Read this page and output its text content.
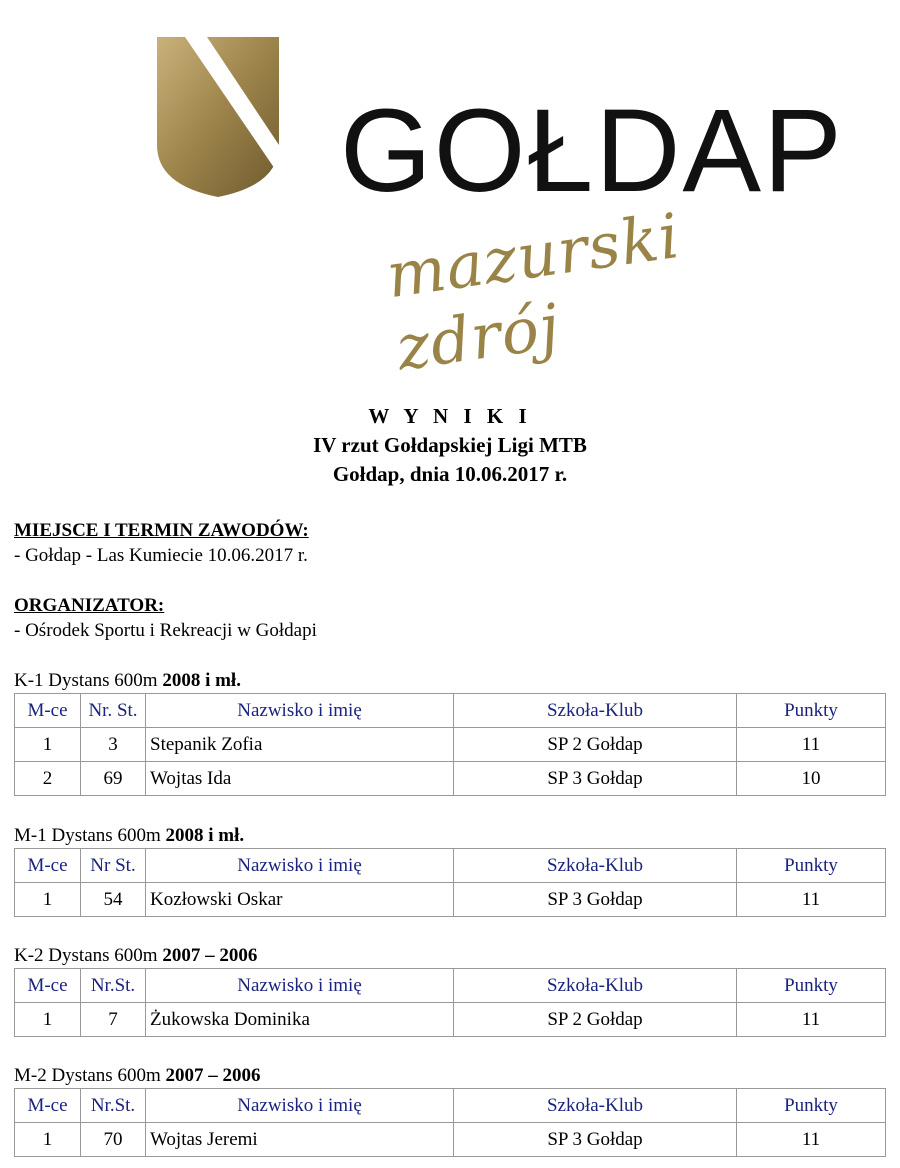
GOŁDAP
mazurski zdrój
W Y N I K I
IV rzut Gołdapskiej Ligi MTB
Gołdap, dnia 10.06.2017 r.
MIEJSCE I TERMIN ZAWODÓW:
- Gołdap - Las Kumiecie 10.06.2017 r.
ORGANIZATOR:
- Ośrodek Sportu i Rekreacji w Gołdapi
K-1 Dystans 600m 2008 i mł.
M-ce	Nr. St.	Nazwisko i imię	Szkoła-Klub	Punkty
1	3	Stepanik Zofia	SP 2 Gołdap	11
2	69	Wojtas Ida	SP 3 Gołdap	10
M-1 Dystans 600m 2008 i mł.
M-ce	Nr St.	Nazwisko i imię	Szkoła-Klub	Punkty
1	54	Kozłowski Oskar	SP 3 Gołdap	11
K-2 Dystans 600m 2007 – 2006
M-ce	Nr.St.	Nazwisko i imię	Szkoła-Klub	Punkty
1	7	Żukowska Dominika	SP 2 Gołdap	11
M-2 Dystans 600m 2007 – 2006
M-ce	Nr.St.	Nazwisko i imię	Szkoła-Klub	Punkty
1	70	Wojtas Jeremi	SP 3 Gołdap	11
